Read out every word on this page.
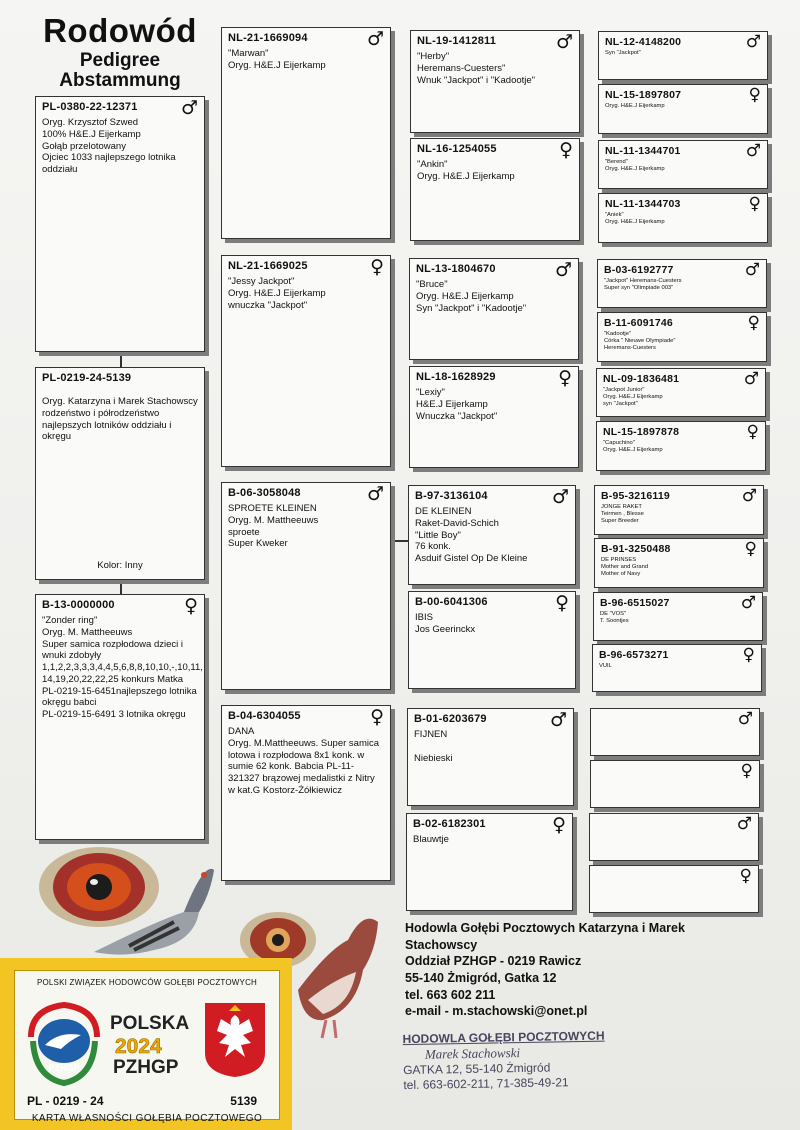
Rodowód
Pedigree
Abstammung
PL-0380-22-12371	♂
Oryg. Krzysztof Szwed
100% H&E.J Eijerkamp
Gołąb przelotowany
Ojciec 1033 najlepszego lotnika oddziału
PL-0219-24-5139
Oryg. Katarzyna i Marek Stachowscy
rodzeństwo i półrodzeństwo najlepszych lotników oddziału i okręgu
Kolor: Inny
B-13-0000000	♀
"Zonder ring"
Oryg. M. Mattheeuws
Super samica rozpłodowa dzieci i wnuki zdobyły 1,1,2,2,3,3,3,4,4,5,6,8,8,10,10,-,10,11, 14,19,20,22,22,25 konkurs Matka
PL-0219-15-6451najlepszego lotnika okręgu babci
PL-0219-15-6491 3 lotnika okręgu
NL-21-1669094	♂
"Marwan"
Oryg. H&E.J Eijerkamp
NL-21-1669025	♀
"Jessy Jackpot"
Oryg. H&E.J Eijerkamp
wnuczka "Jackpot"
B-06-3058048	♂
SPROETE KLEINEN
Oryg. M. Mattheeuws
sproete
Super Kweker
B-04-6304055	♀
DANA
Oryg. M.Mattheeuws. Super samica lotowa i rozpłodowa 8x1 konk. w sumie 62 konk. Babcia PL-11-321327 brązowej medalistki z Nitry w kat.G Kostorz-Żółkiewicz
NL-19-1412811	♂
"Herby"
Heremans-Cuesters"
Wnuk "Jackpot" i "Kadootje"
NL-16-1254055	♀
"Ankin"
Oryg. H&E.J Eijerkamp
NL-13-1804670	♂
"Bruce"
Oryg. H&E.J Eijerkamp
Syn "Jackpot" i "Kadootje"
NL-18-1628929	♀
"Lexiy"
H&E.J Eijerkamp
Wnuczka "Jackpot"
B-97-3136104	♂
DE KLEINEN
Raket-David-Schich
"Little Boy"
76 konk.
Asduif Gistel Op De Kleine
B-00-6041306	♀
IBIS
Jos Geerinckx
B-01-6203679	♂
FIJNEN

Niebieski
B-02-6182301	♀
Blauwtje
NL-12-4148200	♂
Syn "Jackpot"
NL-15-1897807	♀
Oryg. H&E.J Eijerkamp
NL-11-1344701	♂
"Berend"
Oryg. H&E.J Eijerkamp
NL-11-1344703	♀
"Aniek"
Oryg. H&E.J Eijerkamp
B-03-6192777	♂
"Jackpot" Heremans-Cuesters
Super syn "Olimpiade 003"
B-11-6091746	♀
"Kadootje"
Córka " Nieuwe Olympiade"
Heremans-Cuesters
NL-09-1836481	♂
"Jackpot Junior"
Oryg. H&E.J Eijerkamp
syn "Jackpot"
NL-15-1897878	♀
"Capuchino"
Oryg. H&E.J Eijerkamp
B-95-3216119	♂
JONGE RAKET
Teirmen , Blesse
Super Breeder
B-91-3250488	♀
DE PRINSES
Mother and Grand
Mother of Navy
B-96-6515027	♂
DE "VOS"
T. Soontjes
B-96-6573271	♀
VUIL
♂
♀
♂
♀
Hodowla Gołębi Pocztowych Katarzyna i Marek
Stachowscy
Oddział PZHGP - 0219 Rawicz
55-140 Żmigród, Gatka 12
tel. 663 602 211
e-mail - m.stachowski@onet.pl
HODOWLA GOŁĘBI POCZTOWYCH
Marek Stachowski
GATKA 12, 55-140 Żmigród
tel. 663-602-211, 71-385-49-21
POLSKI ZWIĄZEK HODOWCÓW GOŁĘBI POCZTOWYCH
PZHGP
POLSKA
2024
PZHGP
PL - 0219 - 24	5139
KARTA WŁASNOŚCI GOŁĘBIA POCZTOWEGO
